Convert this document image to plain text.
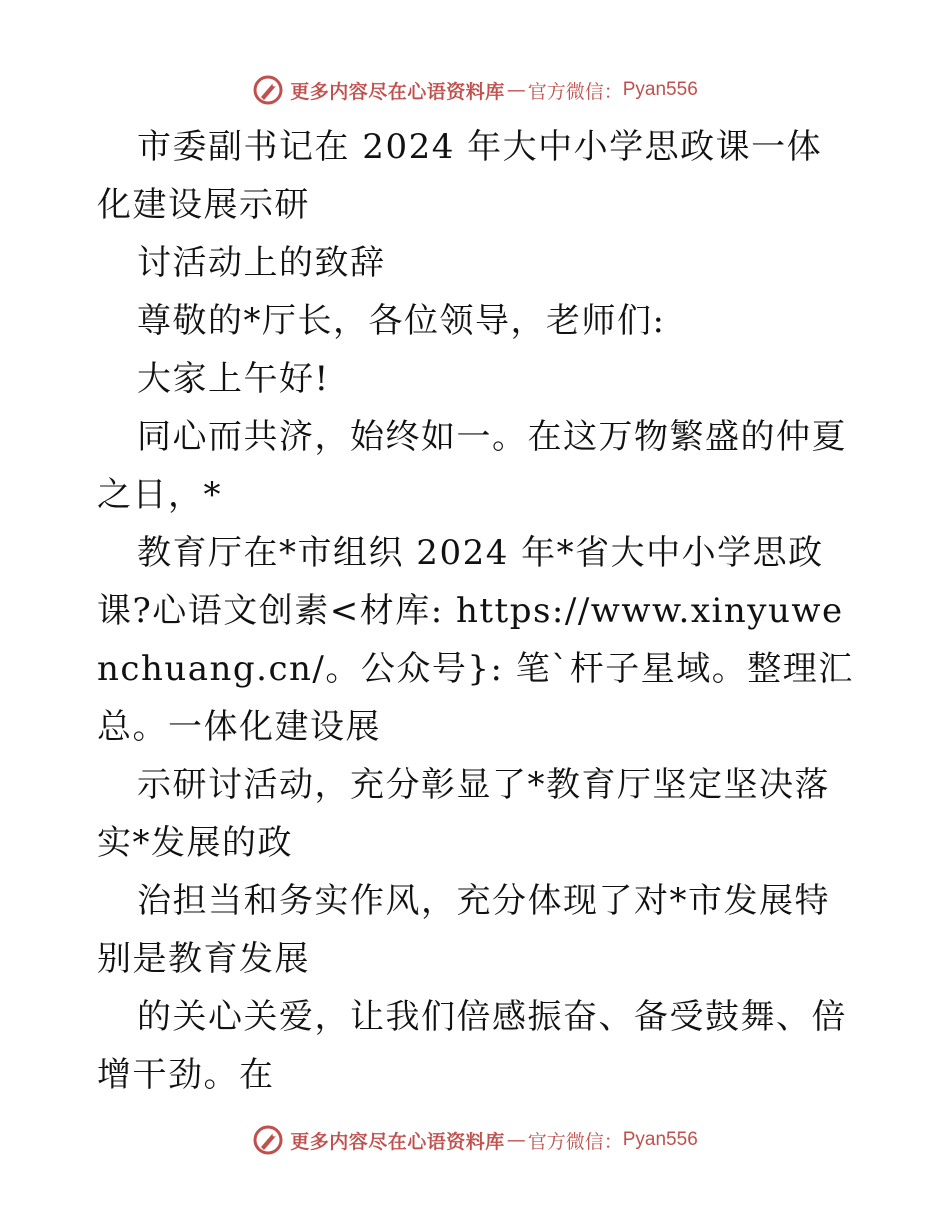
更多内容尽在心语资料库 — 官方微信： Pyan556

市委副书记在 2024 年大中小学思政课一体化建设展示研

讨活动上的致辞

尊敬的*厅长，各位领导，老师们:

大家上午好!

同心而共济，始终如一。在这万物繁盛的仲夏之日，*

教育厅在*市组织 2024 年*省大中小学思政课?心语文创素<材库: https://www.xinyuwenchuang.cn/。公众号}: 笔`杆子星域。整理汇总。一体化建设展

示研讨活动，充分彰显了*教育厅坚定坚决落实*发展的政

治担当和务实作风，充分体现了对*市发展特别是教育发展

的关心关爱，让我们倍感振奋、备受鼓舞、倍增干劲。在

更多内容尽在心语资料库 — 官方微信： Pyan556
